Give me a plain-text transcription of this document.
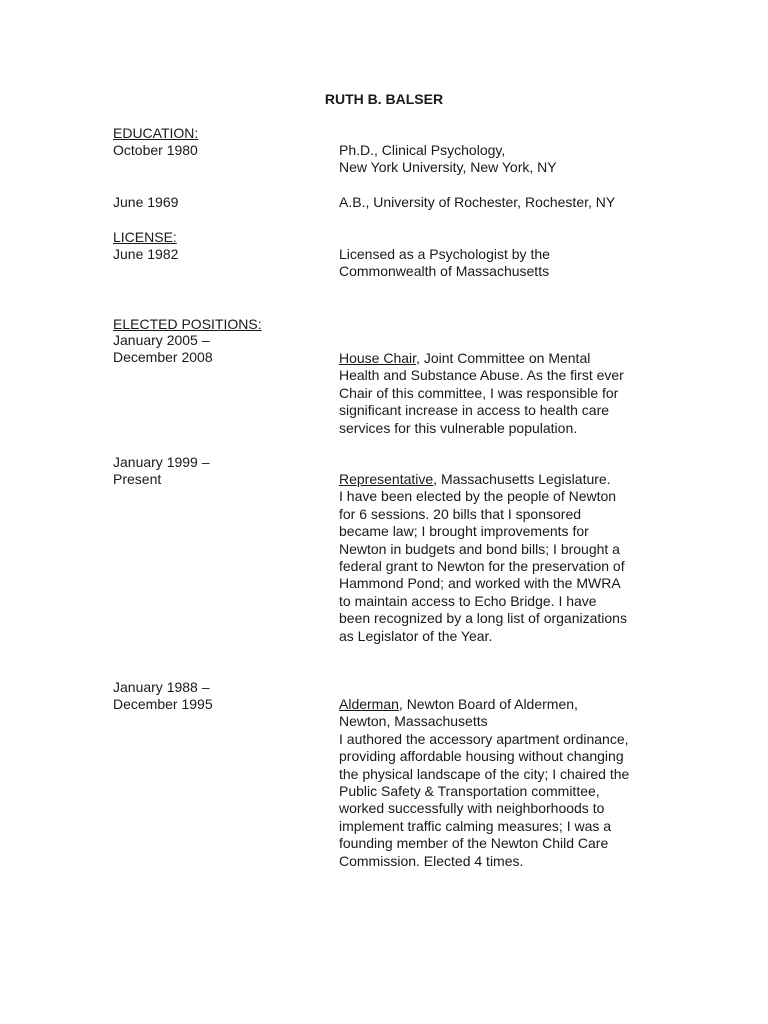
RUTH B. BALSER
EDUCATION:
October 1980	Ph.D., Clinical Psychology,
New York University, New York, NY
June 1969	A.B., University of Rochester, Rochester, NY
LICENSE:
June 1982	Licensed as a Psychologist by the
Commonwealth of Massachusetts
ELECTED POSITIONS:
January 2005 –
December 2008	House Chair, Joint Committee on Mental
Health and Substance Abuse. As the first ever
Chair of this committee, I was responsible for
significant increase in access to health care
services for this vulnerable population.
January 1999 –
Present	Representative, Massachusetts Legislature.
I have been elected by the people of Newton
for 6 sessions. 20 bills that I sponsored
became law; I brought improvements for
Newton in budgets and bond bills; I brought a
federal grant to Newton for the preservation of
Hammond Pond; and worked with the MWRA
to maintain access to Echo Bridge. I have
been recognized by a long list of organizations
as Legislator of the Year.
January 1988 –
December 1995	Alderman, Newton Board of Aldermen,
Newton, Massachusetts
I authored the accessory apartment ordinance,
providing affordable housing without changing
the physical landscape of the city; I chaired the
Public Safety & Transportation committee,
worked successfully with neighborhoods to
implement traffic calming measures; I was a
founding member of the Newton Child Care
Commission. Elected 4 times.
